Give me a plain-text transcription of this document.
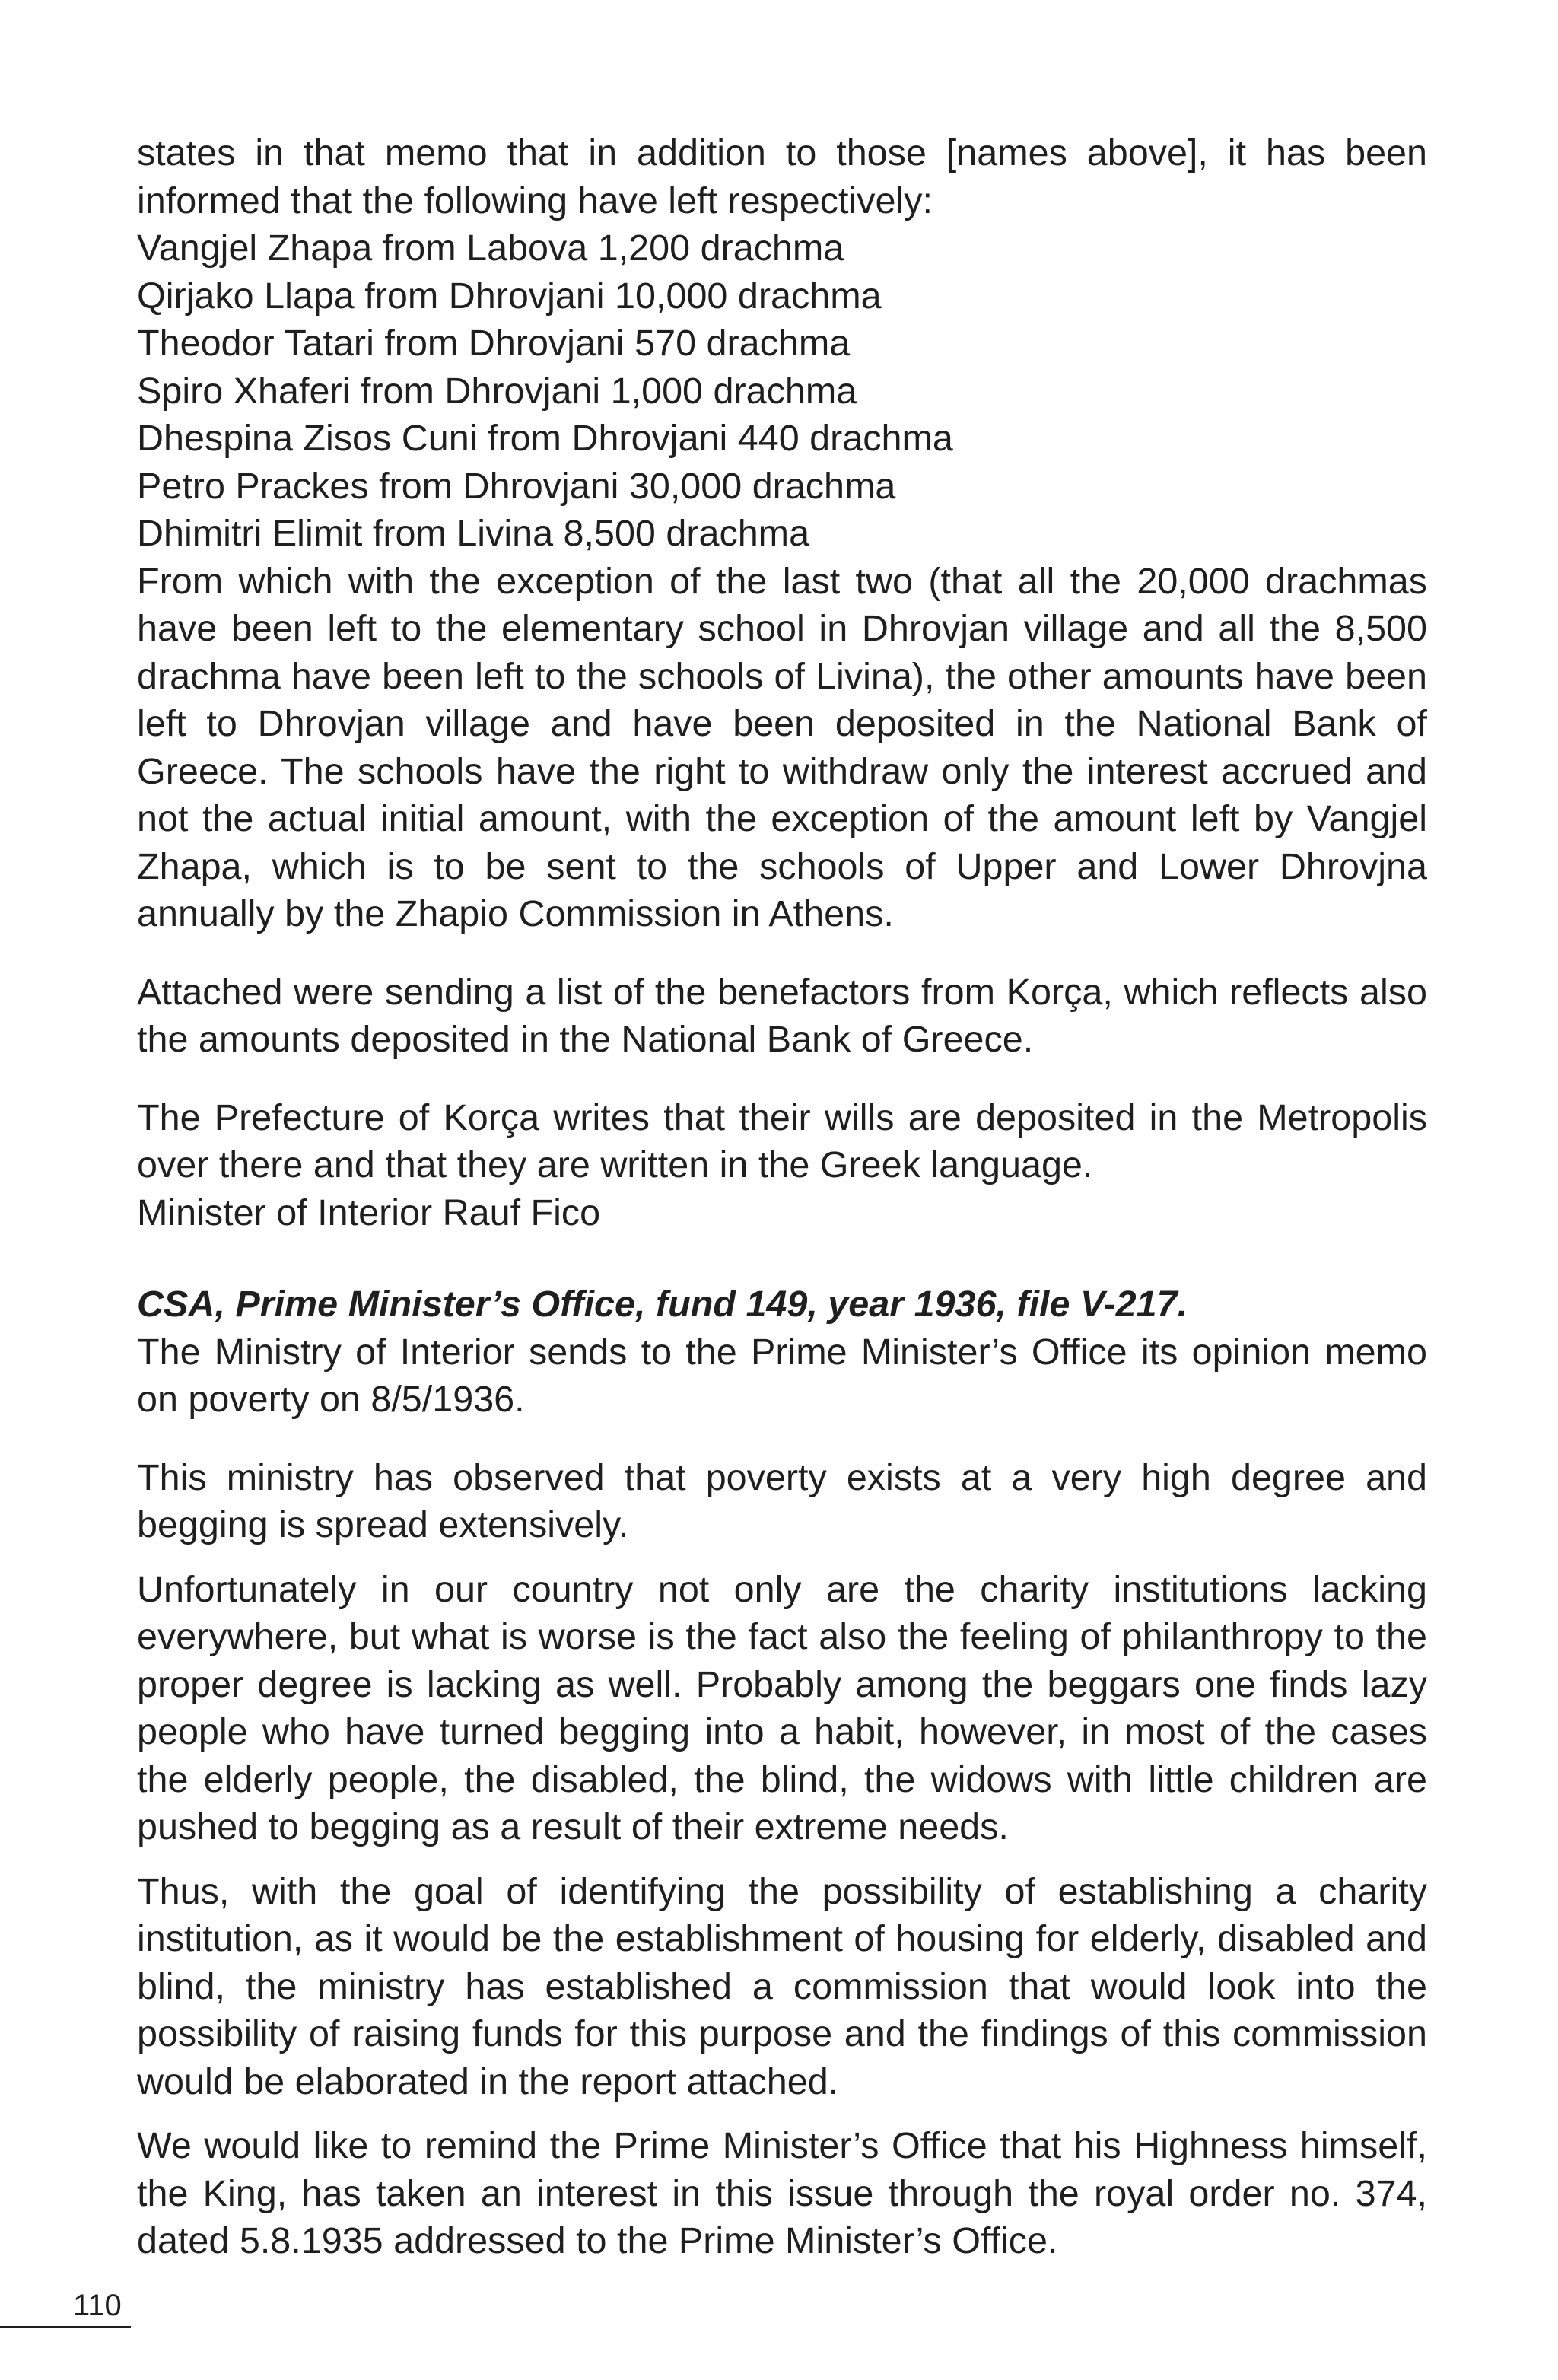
states in that memo that in addition to those [names above], it has been informed that the following have left respectively:
Vangjel Zhapa from Labova 1,200 drachma
Qirjako Llapa from Dhrovjani 10,000 drachma
Theodor Tatari from Dhrovjani 570 drachma
Spiro Xhaferi from Dhrovjani 1,000 drachma
Dhespina Zisos Cuni from Dhrovjani 440 drachma
Petro Prackes from Dhrovjani 30,000 drachma
Dhimitri Elimit from Livina 8,500 drachma
From which with the exception of the last two (that all the 20,000 drachmas have been left to the elementary school in Dhrovjan village and all the 8,500 drachma have been left to the schools of Livina), the other amounts have been left to Dhrovjan village and have been deposited in the National Bank of Greece. The schools have the right to withdraw only the interest accrued and not the actual initial amount, with the exception of the amount left by Vangjel Zhapa, which is to be sent to the schools of Upper and Lower Dhrovjna annually by the Zhapio Commission in Athens.

Attached were sending a list of the benefactors from Korça, which reflects also the amounts deposited in the National Bank of Greece.

The Prefecture of Korça writes that their wills are deposited in the Metropolis over there and that they are written in the Greek language.
Minister of Interior Rauf Fico

CSA, Prime Minister’s Office, fund 149, year 1936, file V-217.

The Ministry of Interior sends to the Prime Minister’s Office its opinion memo on poverty on 8/5/1936.

This ministry has observed that poverty exists at a very high degree and begging is spread extensively.

Unfortunately in our country not only are the charity institutions lacking everywhere, but what is worse is the fact also the feeling of philanthropy to the proper degree is lacking as well. Probably among the beggars one finds lazy people who have turned begging into a habit, however, in most of the cases the elderly people, the disabled, the blind, the widows with little children are pushed to begging as a result of their extreme needs.

Thus, with the goal of identifying the possibility of establishing a charity institution, as it would be the establishment of housing for elderly, disabled and blind, the ministry has established a commission that would look into the possibility of raising funds for this purpose and the findings of this commission would be elaborated in the report attached.

We would like to remind the Prime Minister’s Office that his Highness himself, the King, has taken an interest in this issue through the royal order no. 374, dated 5.8.1935 addressed to the Prime Minister’s Office.

110
